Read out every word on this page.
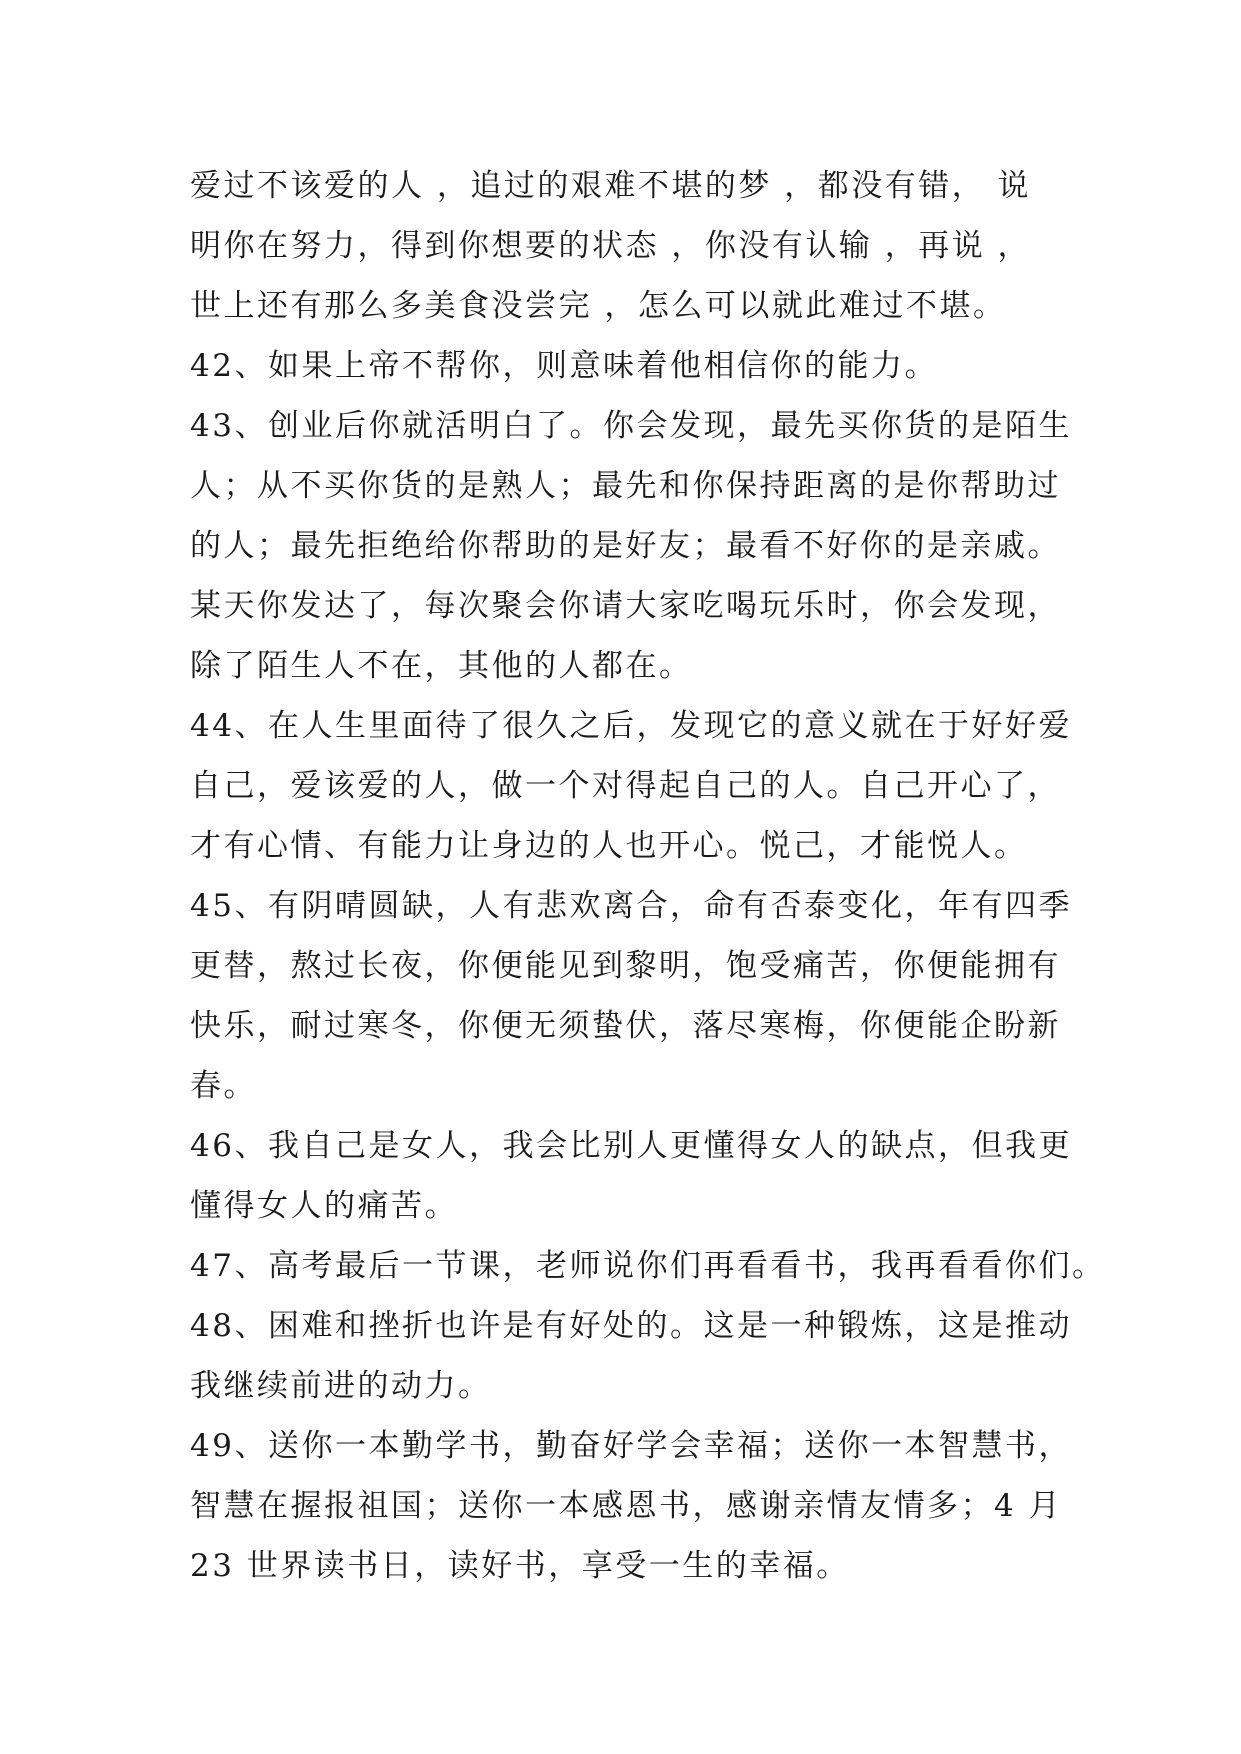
爱过不该爱的人 ，追过的艰难不堪的梦 ，都没有错， 说
明你在努力，得到你想要的状态 ，你没有认输 ，再说 ，
世上还有那么多美食没尝完 ，怎么可以就此难过不堪。
42、如果上帝不帮你，则意味着他相信你的能力。
43、创业后你就活明白了。你会发现，最先买你货的是陌生
人；从不买你货的是熟人；最先和你保持距离的是你帮助过
的人；最先拒绝给你帮助的是好友；最看不好你的是亲戚。
某天你发达了，每次聚会你请大家吃喝玩乐时，你会发现，
除了陌生人不在，其他的人都在。
44、在人生里面待了很久之后，发现它的意义就在于好好爱
自己，爱该爱的人，做一个对得起自己的人。自己开心了，
才有心情、有能力让身边的人也开心。悦己，才能悦人。
45、有阴晴圆缺，人有悲欢离合，命有否泰变化，年有四季
更替，熬过长夜，你便能见到黎明，饱受痛苦，你便能拥有
快乐，耐过寒冬，你便无须蛰伏，落尽寒梅，你便能企盼新
春。
46、我自己是女人，我会比别人更懂得女人的缺点，但我更
懂得女人的痛苦。
47、高考最后一节课，老师说你们再看看书，我再看看你们。
48、困难和挫折也许是有好处的。这是一种锻炼，这是推动
我继续前进的动力。
49、送你一本勤学书，勤奋好学会幸福；送你一本智慧书，
智慧在握报祖国；送你一本感恩书，感谢亲情友情多；4 月
23 世界读书日，读好书，享受一生的幸福。
